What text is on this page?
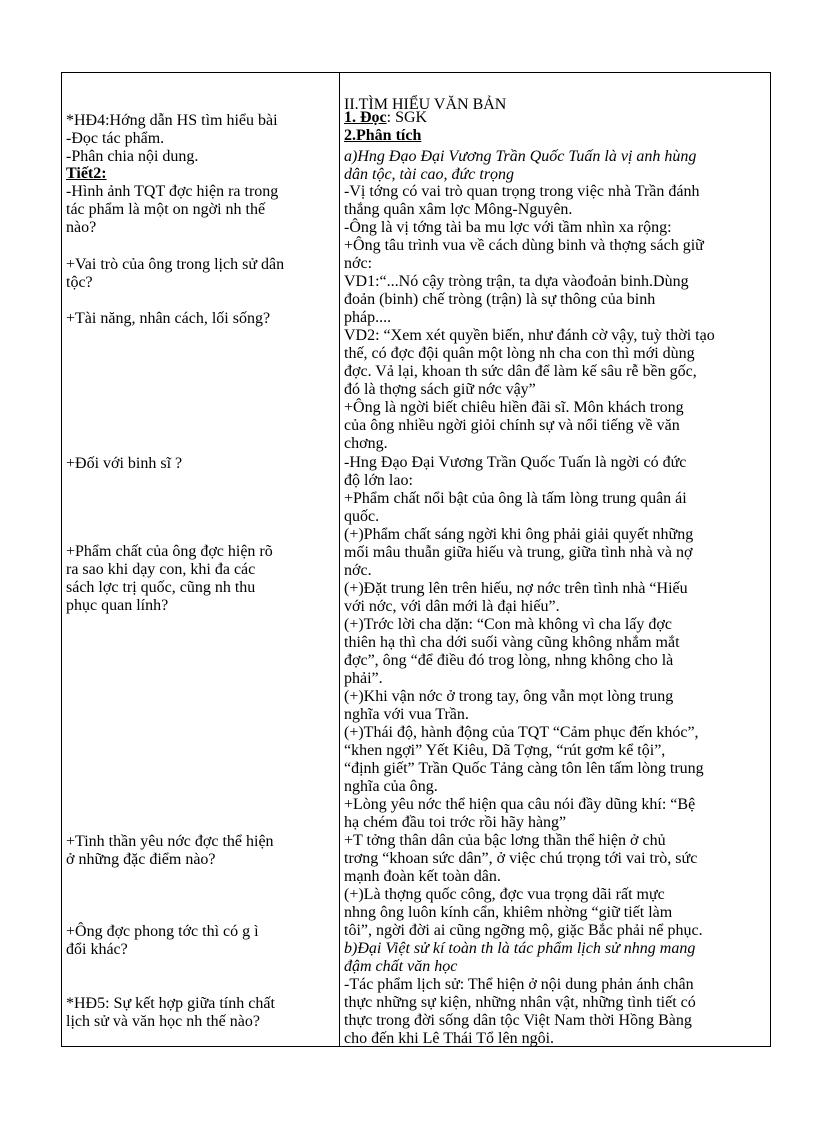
*HĐ4:Hớng dẫn HS tìm hiểu bài
-Đọc tác phẩm.
-Phân chia nội dung.
Tiết2:
-Hình ảnh TQT đợc hiện ra trong
tác phẩm là một on ngời nh thế
nào?
+Vai trò của ông trong lịch sử dân
tộc?
+Tài năng, nhân cách, lối sống?
+Đối với binh sĩ ?
+Phẩm chất của ông đợc hiện rõ
ra sao khi dạy con, khi đa các
sách lợc trị quốc, cũng nh thu
phục quan lính?
+Tinh thần yêu nớc đợc thể hiện
ở những đặc điểm nào?
+Ông đợc phong tớc thì có g ì
đổi khác?
*HĐ5: Sự kết hợp giữa tính chất
lịch sử và văn học nh thế nào?
II.TÌM HIỂU VĂN BẢN
1. Đọc: SGK
2.Phân tích
a)Hng Đạo Đại Vương Trần Quốc Tuấn là vị anh hùng
dân tộc, tài cao, đức trọng
-Vị tớng có vai trò quan trọng trong việc nhà Trần đánh
thắng quân xâm lợc Mông-Nguyên.
-Ông là vị tớng tài ba mu lợc với tầm nhìn xa rộng:
+Ông tâu trình vua về cách dùng binh và thợng sách giữ
nớc:
VD1:“...Nó cậy tròng trận, ta dựa vàođoản binh.Dùng
đoản (binh) chế tròng (trận) là sự thông của binh
pháp....
VD2: “Xem xét quyền biến, như đánh cờ vậy, tuỳ thời tạo
thế, có đợc đội quân một lòng nh cha con thì mới dùng
đợc. Vả lại, khoan th sức dân để làm kế sâu rễ bền gốc,
đó là thợng sách giữ nớc vậy”
+Ông là ngời biết chiêu hiền đãi sĩ. Môn khách trong
của ông nhiều ngời giỏi chính sự và nổi tiếng về văn
chơng.
-Hng Đạo Đại Vương Trần Quốc Tuấn là ngời có đức
độ lớn lao:
+Phẩm chất nổi bật của ông là tấm lòng trung quân ái
quốc.
(+)Phẩm chất sáng ngời khi ông phải giải quyết những
mối mâu thuẫn giữa hiếu và trung, giữa tình nhà và nợ
nớc.
(+)Đặt trung lên trên hiếu, nợ nớc trên tình nhà “Hiếu
với nớc, với dân mới là đại hiếu”.
(+)Trớc lời cha dặn: “Con mà không vì cha lấy đợc
thiên hạ thì cha dới suối vàng cũng không nhắm mắt
đợc”, ông “để điều đó trog lòng, nhng không cho là
phải”.
(+)Khi vận nớc ở trong tay, ông vẫn mọt lòng trung
nghĩa với vua Trần.
(+)Thái độ, hành động của TQT “Cảm phục đến khóc”,
“khen ngợi” Yết Kiêu, Dã Tợng, “rút gơm kể tội”,
“định giết” Trần Quốc Tảng càng tôn lên tấm lòng trung
nghĩa của ông.
+Lòng yêu nớc thể hiện qua câu nói đầy dũng khí: “Bệ
hạ chém đầu toi trớc rồi hãy hàng”
+T tởng thân dân của bậc lơng thần thể hiện ở chủ
trơng “khoan sức dân”, ở việc chú trọng tới vai trò, sức
mạnh đoàn kết toàn dân.
(+)Là thợng quốc công, đợc vua trọng dãi rất mực
nhng ông luôn kính cẩn, khiêm nhờng “giữ tiết làm
tôi”, ngời đời ai cũng ngỡng mộ, giặc Bắc phải nể phục.
b)Đại Việt sử kí toàn th là tác phẩm lịch sử nhng mang
đậm chất văn học
-Tác phẩm lịch sử: Thể hiện ở nội dung phản ánh chân
thực những sự kiện, những nhân vật, những tình tiết có
thực trong đời sống dân tộc Việt Nam thời Hồng Bàng
cho đến khi Lê Thái Tổ lên ngôi.
